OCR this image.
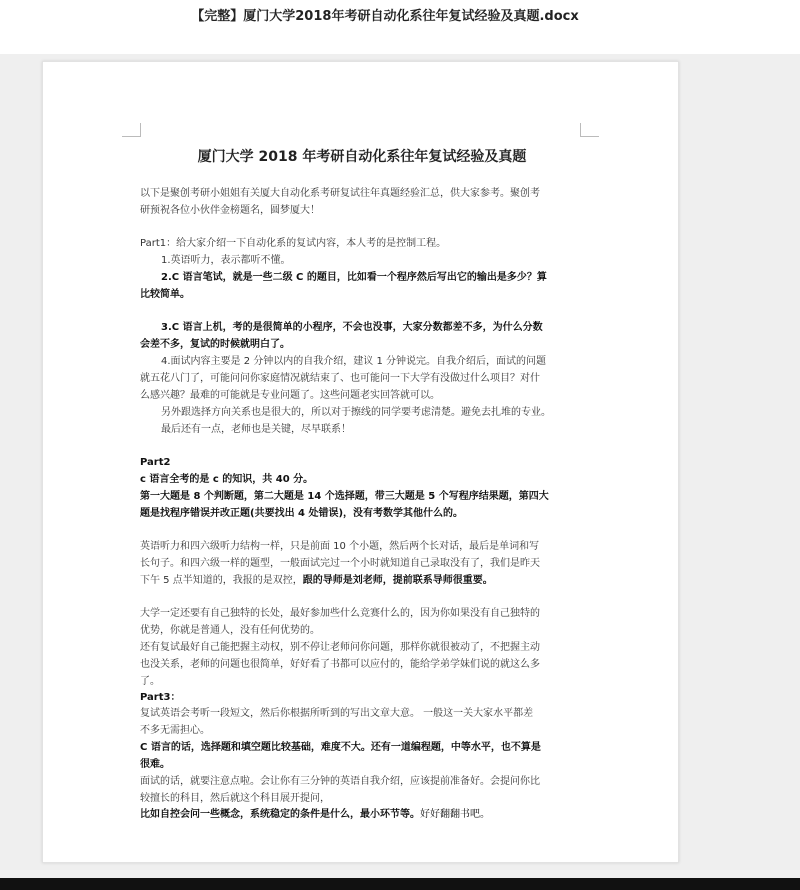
【完整】厦门大学2018年考研自动化系往年复试经验及真题.docx
厦门大学 2018 年考研自动化系往年复试经验及真题
以下是聚创考研小姐姐有关厦大自动化系考研复试往年真题经验汇总，供大家参考。聚创考
研预祝各位小伙伴金榜题名，圆梦厦大！
Part1：给大家介绍一下自动化系的复试内容，本人考的是控制工程。
1.英语听力，表示都听不懂。
2.C 语言笔试，就是一些二级 C 的题目，比如看一个程序然后写出它的输出是多少？算
比较简单。
3.C 语言上机，考的是很简单的小程序，不会也没事，大家分数都差不多，为什么分数
会差不多，复试的时候就明白了。
4.面试内容主要是 2 分钟以内的自我介绍，建议 1 分钟说完。自我介绍后，面试的问题
就五花八门了，可能问问你家庭情况就结束了、也可能问一下大学有没做过什么项目？对什
么感兴趣？最难的可能就是专业问题了。这些问题老实回答就可以。
另外跟选择方向关系也是很大的，所以对于擦线的同学要考虑清楚。避免去扎堆的专业。
最后还有一点，老师也是关键，尽早联系！
Part2
c 语言全考的是 c 的知识，共 40 分。
第一大题是 8 个判断题，第二大题是 14 个选择题，带三大题是 5 个写程序结果题，第四大
题是找程序错误并改正题(共要找出 4 处错误)，没有考数学其他什么的。
英语听力和四六级听力结构一样，只是前面 10 个小题，然后两个长对话，最后是单词和写
长句子。和四六级一样的题型，一般面试完过一个小时就知道自己录取没有了，我们是昨天
下午 5 点半知道的，我报的是双控，跟的导师是刘老师，提前联系导师很重要。
大学一定还要有自己独特的长处，最好参加些什么竞赛什么的，因为你如果没有自己独特的
优势，你就是普通人，没有任何优势的。
还有复试最好自己能把握主动权，别不停让老师问你问题，那样你就很被动了，不把握主动
也没关系，老师的问题也很简单，好好看了书都可以应付的，能给学弟学妹们说的就这么多
了。
Part3：
复试英语会考听一段短文，然后你根据所听到的写出文章大意。 一般这一关大家水平都差
不多无需担心。
C 语言的话，选择题和填空题比较基础，难度不大。还有一道编程题，中等水平，也不算是
很难。
面试的话，就要注意点啦。会让你有三分钟的英语自我介绍，应该提前准备好。会提问你比
较擅长的科目，然后就这个科目展开提问，
比如自控会问一些概念，系统稳定的条件是什么，最小环节等。好好翻翻书吧。
